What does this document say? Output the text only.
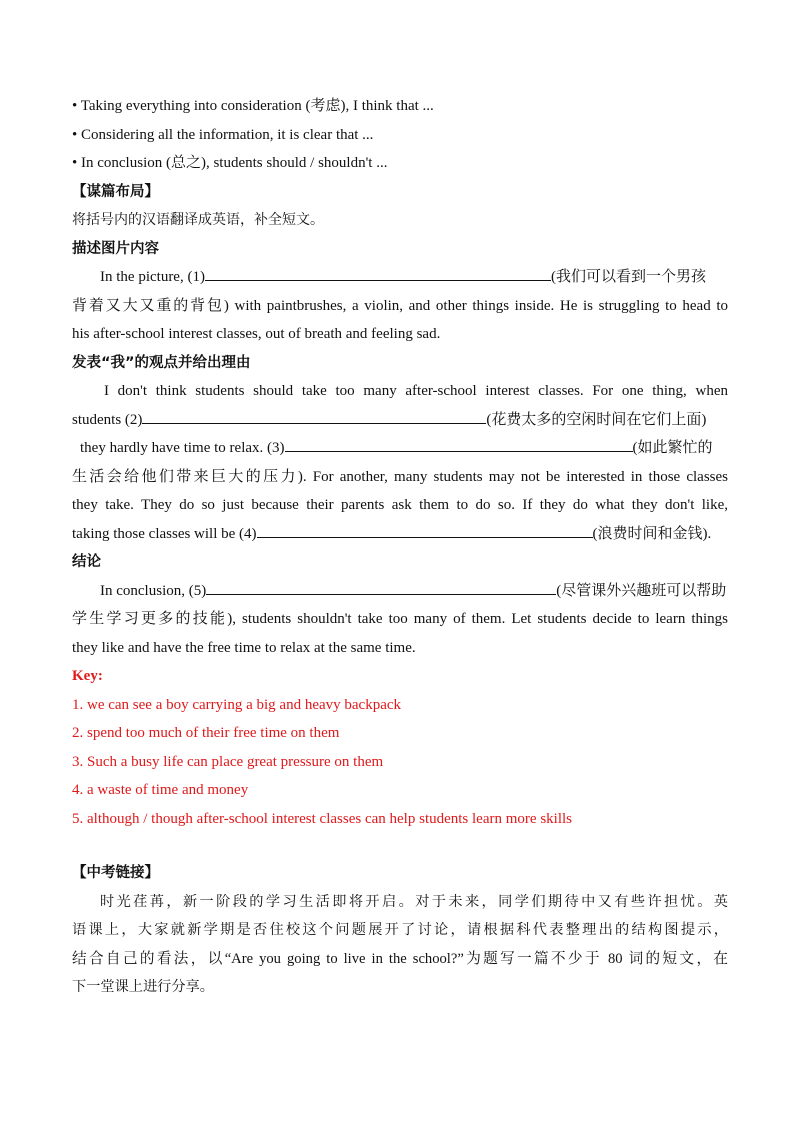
• Taking everything into consideration (考虑), I think that ...

• Considering all the information, it is clear that ...

• In conclusion (总之), students should / shouldn't ...

【谋篇布局】

将括号内的汉语翻译成英语，补全短文。

描述图片内容

In the picture, (1)	(我们可以看到一个男孩

背着又大又重的背包) with paintbrushes, a violin, and other things inside. He is struggling to head to

his after-school interest classes, out of breath and feeling sad.

发表“我”的观点并给出理由

I don't think students should take too many after-school interest classes. For one thing, when

students (2)	(花费太多的空闲时间在它们上面)

they hardly have time to relax. (3)	(如此繁忙的

生活会给他们带来巨大的压力). For another, many students may not be interested in those classes

they take. They do so just because their parents ask them to do so. If they do what they don't like,

taking those classes will be (4)	(浪费时间和金钱).

结论

In conclusion, (5)	(尽管课外兴趣班可以帮助

学生学习更多的技能), students shouldn't take too many of them. Let students decide to learn things

they like and have the free time to relax at the same time.

Key:

1. we can see a boy carrying a big and heavy backpack

2. spend too much of their free time on them

3. Such a busy life can place great pressure on them

4. a waste of time and money

5. although / though after-school interest classes can help students learn more skills

【中考链接】

时光荏苒，新一阶段的学习生活即将开启。对于未来，同学们期待中又有些许担忧。英

语课上，大家就新学期是否住校这个问题展开了讨论，请根据科代表整理出的结构图提示，

结合自己的看法，以“Are you going to live in the school?”为题写一篇不少于 80 词的短文，在

下一堂课上进行分享。
